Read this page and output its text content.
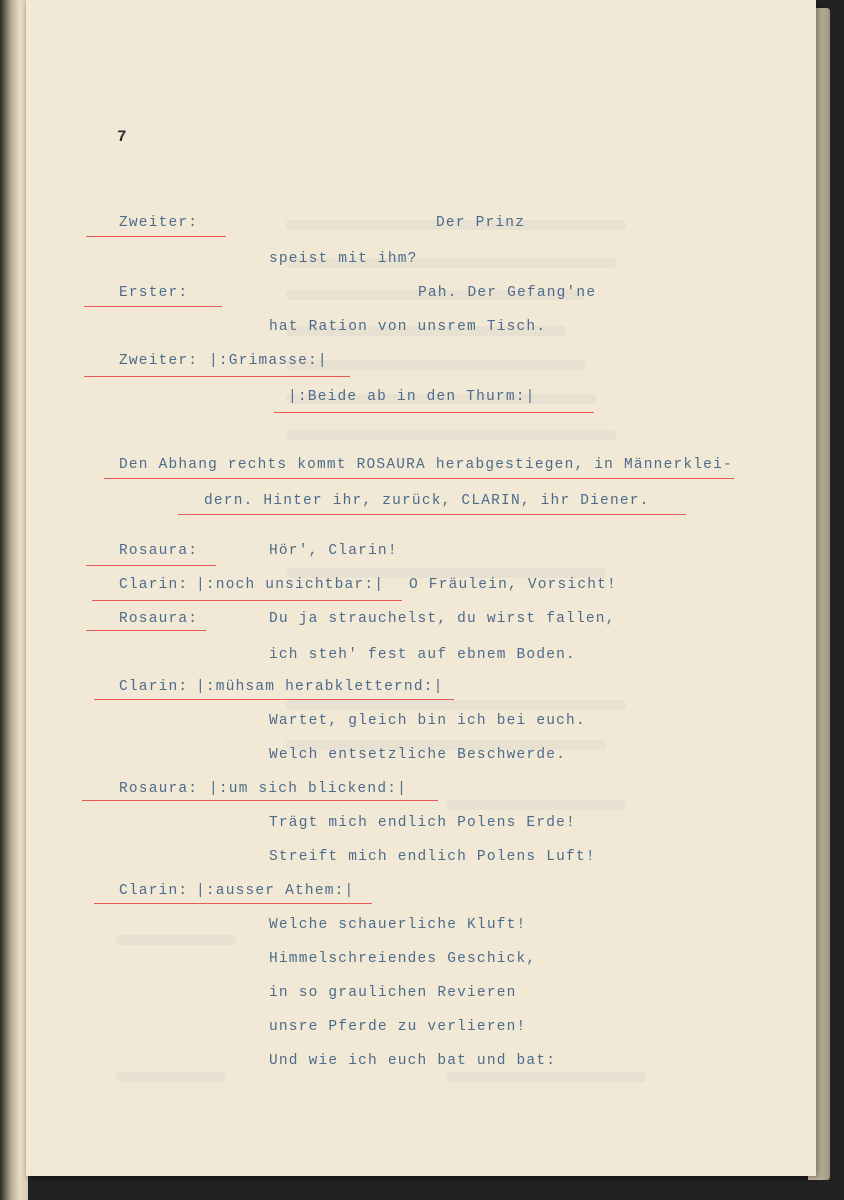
7
Zweiter:	Der Prinz
speist mit ihm?
Erster:	Pah. Der Gefang'ne
hat Ration von unsrem Tisch.
Zweiter: |:Grimasse:|
|:Beide ab in den Thurm:|
Den Abhang rechts kommt ROSAURA herabgestiegen, in Männerklei-
dern. Hinter ihr, zurück, CLARIN, ihr Diener.
Rosaura:	Hör', Clarin!
Clarin: |:noch unsichtbar:| O Fräulein, Vorsicht!
Rosaura:	Du ja strauchelst, du wirst fallen,
ich steh' fest auf ebnem Boden.
Clarin: |:mühsam herabkletternd:|
Wartet, gleich bin ich bei euch.
Welch entsetzliche Beschwerde.
Rosaura: |:um sich blickend:|
Trägt mich endlich Polens Erde!
Streift mich endlich Polens Luft!
Clarin: |:ausser Athem:|
Welche schauerliche Kluft!
Himmelschreiendes Geschick,
in so graulichen Revieren
unsre Pferde zu verlieren!
Und wie ich euch bat und bat:
